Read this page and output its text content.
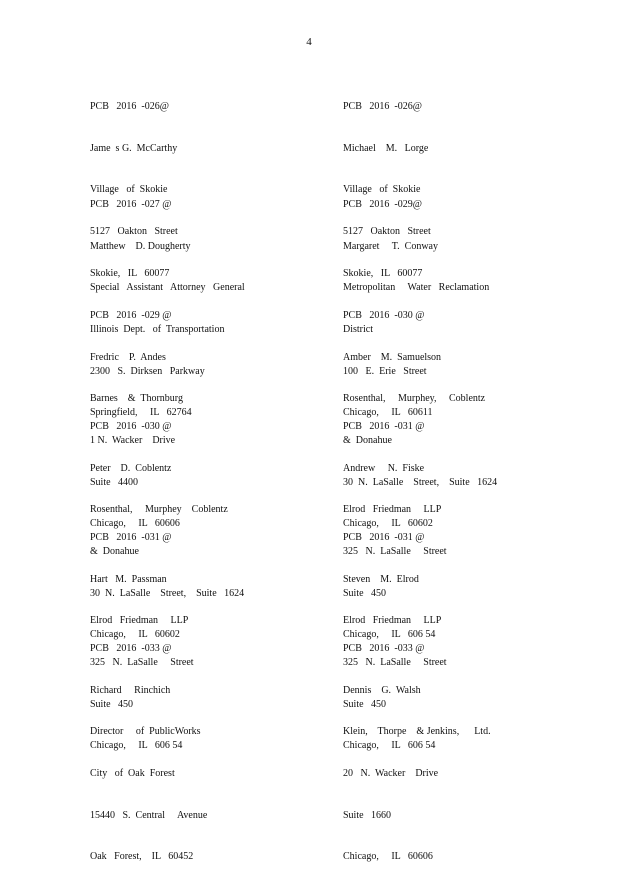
4

PCB   2016  -026@

Jame  s G.  McCarthy

Village   of  Skokie

5127   Oakton   Street

Skokie,   IL   60077

PCB   2016  -026@

Michael    M.   Lorge

Village   of  Skokie

5127   Oakton   Street

Skokie,   IL   60077

PCB   2016  -027 @

Matthew    D. Dougherty

Special   Assistant   Attorney   General

Illinois  Dept.   of  Transportation

2300   S.  Dirksen   Parkway

Springfield,     IL   62764

PCB   2016  -029@

Margaret     T.  Conway

Metropolitan     Water   Reclamation

District

100   E.  Erie   Street

Chicago,     IL   60611

PCB   2016  -029 @

Fredric    P.  Andes

Barnes    &  Thornburg

1 N.  Wacker    Drive

Suite   4400

Chicago,     IL   60606

PCB   2016  -030 @

Amber    M.  Samuelson

Rosenthal,     Murphey,     Coblentz

&  Donahue

30  N.  LaSalle    Street,    Suite   1624

Chicago,     IL   60602

PCB   2016  -030 @

Peter    D.  Coblentz

Rosenthal,     Murphey    Coblentz

&  Donahue

30  N.  LaSalle    Street,    Suite   1624

Chicago,     IL   60602

PCB   2016  -031 @

Andrew     N.  Fiske

Elrod   Friedman     LLP

325   N.  LaSalle     Street

Suite   450

Chicago,     IL   606 54

PCB   2016  -031 @

Hart   M.  Passman

Elrod   Friedman     LLP

325   N.  LaSalle     Street

Suite   450

Chicago,     IL   606 54

PCB   2016  -031 @

Steven    M.  Elrod

Elrod   Friedman     LLP

325   N.  LaSalle     Street

Suite   450

Chicago,     IL   606 54

PCB   2016  -033 @

Richard     Rinchich

Director     of  PublicWorks

City   of  Oak  Forest

15440   S.  Central     Avenue

Oak   Forest,    IL   60452

PCB   2016  -033 @

Dennis    G.  Walsh

Klein,    Thorpe    & Jenkins,      Ltd.

20   N.  Wacker    Drive

Suite   1660

Chicago,     IL   60606
